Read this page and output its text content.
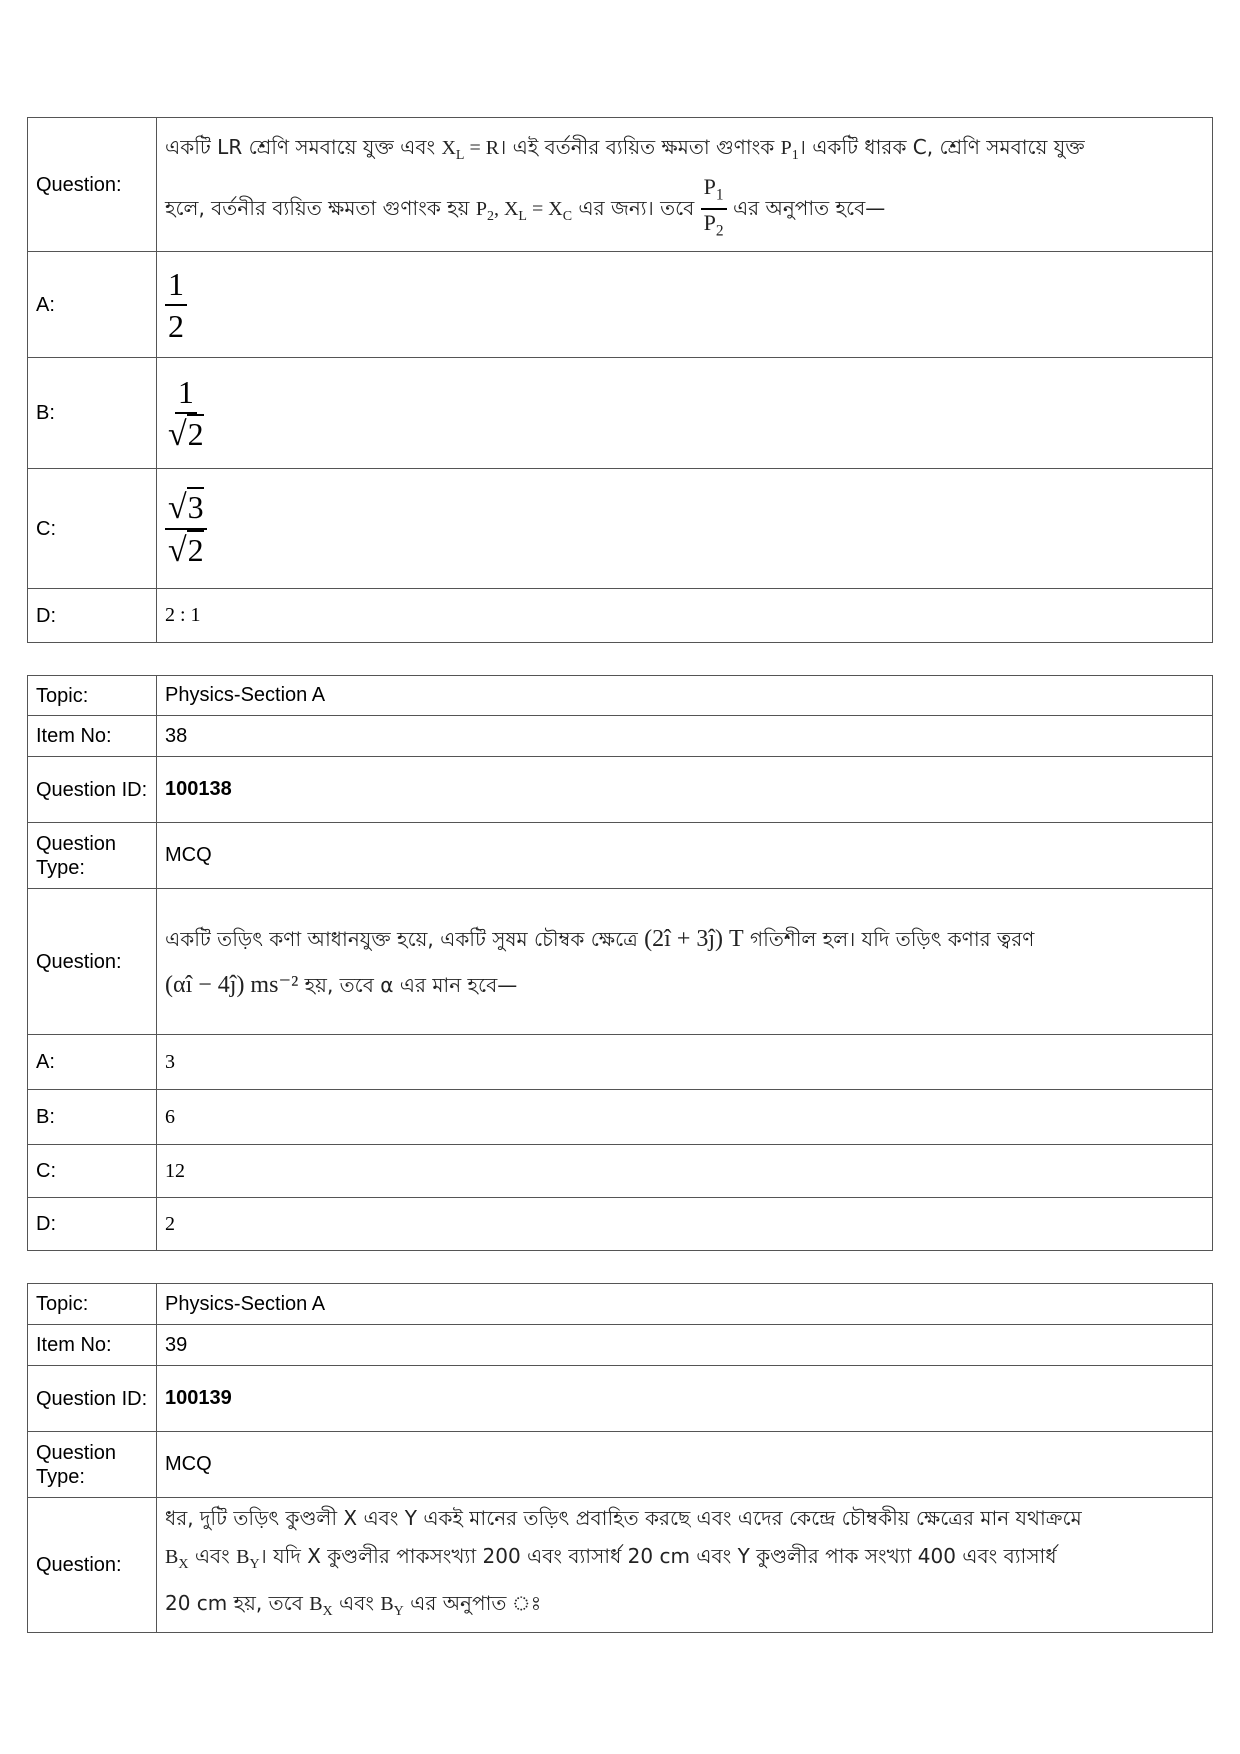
Question:	একটি LR শ্রেণি সমবায়ে যুক্ত এবং $X_L$ = R। এই বর্তনীর ব্যয়িত ক্ষমতা গুণাংক $P_1।$ একটি ধারক C, শ্রেণি সমবায়ে যুক্ত
হলে, বর্তনীর ব্যয়িত ক্ষমতা গুণাংক হয় $P_2$, $X_L = X_C$ এর জন্য। তবে $\frac{P_1}{P_2}$ এর অনুপাত হবে—

A:	$\frac{1}{2}$

B:	$\frac{1}{√2}$

C:	$\frac{√3}{√2}$

D:	2 : 1
Topic:	Physics-Section A
Item No:	38
Question ID:	100138
Question Type:	MCQ
Question:	একটি তড়িৎ কণা আধানযুক্ত হয়ে, একটি সুষম চৌম্বক ক্ষেত্রে (2î + 3ĵ) T গতিশীল হল। যদি তড়িৎ কণার ত্বরণ
(αî − 4ĵ) ms⁻² হয়, তবে α এর মান হবে—

A:	3
B:	6
C:	12
D:	2
Topic:	Physics-Section A
Item No:	39
Question ID:	100139
Question Type:	MCQ
Question:	ধর, দুটি তড়িৎ কুণ্ডলী X এবং Y একই মানের তড়িৎ প্রবাহিত করছে এবং এদের কেন্দ্রে চৌম্বকীয় ক্ষেত্রের মান যথাক্রমে
$B_X$ এবং $B_Y।$ যদি X কুণ্ডলীর পাকসংখ্যা 200 এবং ব্যাসার্ধ 20 cm এবং Y কুণ্ডলীর পাক সংখ্যা 400 এবং ব্যাসার্ধ
20 cm হয়, তবে $B_X$ এবং $B_Y$ এর অনুপাত ঃ
